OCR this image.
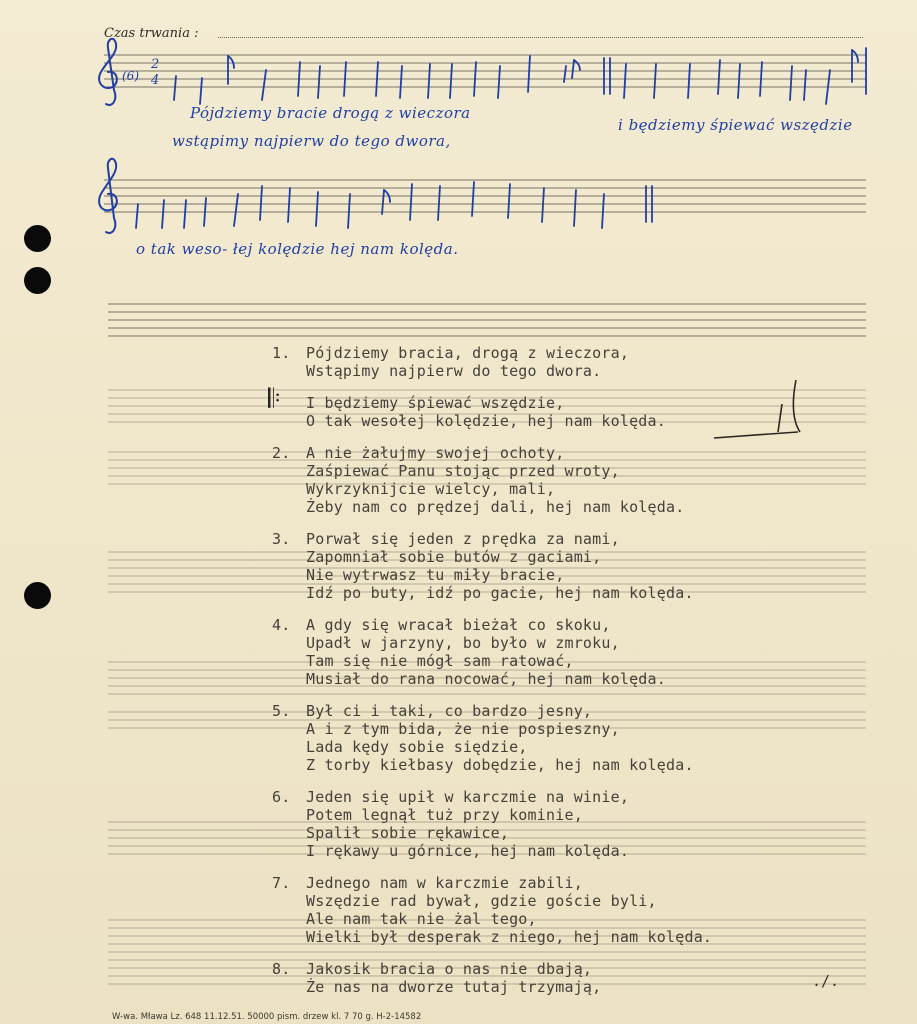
Czas trwania :
(6)
2
4
Pójdziemy bracie drogą z wieczora
i będziemy śpiewać wszędzie
wstąpimy najpierw do tego dwora,
o tak weso- łej kolędzie hej nam kolęda.
1.	Pójdziemy bracia, drogą z wieczora,
Wstąpimy najpierw do tego dwora.
𝄆 I będziemy śpiewać wszędzie,
O tak wesołej kolędzie, hej nam kolęda.
2.	A nie żałujmy swojej ochoty,
Zaśpiewać Panu stojąc przed wroty,
Wykrzyknijcie wielcy, mali,
Żeby nam co prędzej dali, hej nam kolęda.
3.	Porwał się jeden z prędka za nami,
Zapomniał sobie butów z gaciami,
Nie wytrwasz tu miły bracie,
Idź po buty, idź po gacie, hej nam kolęda.
4.	A gdy się wracał bieżał co skoku,
Upadł w jarzyny, bo było w zmroku,
Tam się nie mógł sam ratować,
Musiał do rana nocować, hej nam kolęda.
5.	Był ci i taki, co bardzo jesny,
A i z tym bida, że nie pospieszny,
Lada kędy sobie siędzie,
Z torby kiełbasy dobędzie, hej nam kolęda.
6.	Jeden się upił w karczmie na winie,
Potem legnął tuż przy kominie,
Spalił sobie rękawice,
I rękawy u górnice, hej nam kolęda.
7.	Jednego nam w karczmie zabili,
Wszędzie rad bywał, gdzie goście byli,
Ale nam tak nie żal tego,
Wielki był desperak z niego, hej nam kolęda.
8.	Jakosik bracia o nas nie dbają,
Że nas na dworze tutaj trzymają,	./.
W-wa. Mława Lz. 648 11.12.51. 50000 pism. drzew kl. 7 70 g. H-2-14582
